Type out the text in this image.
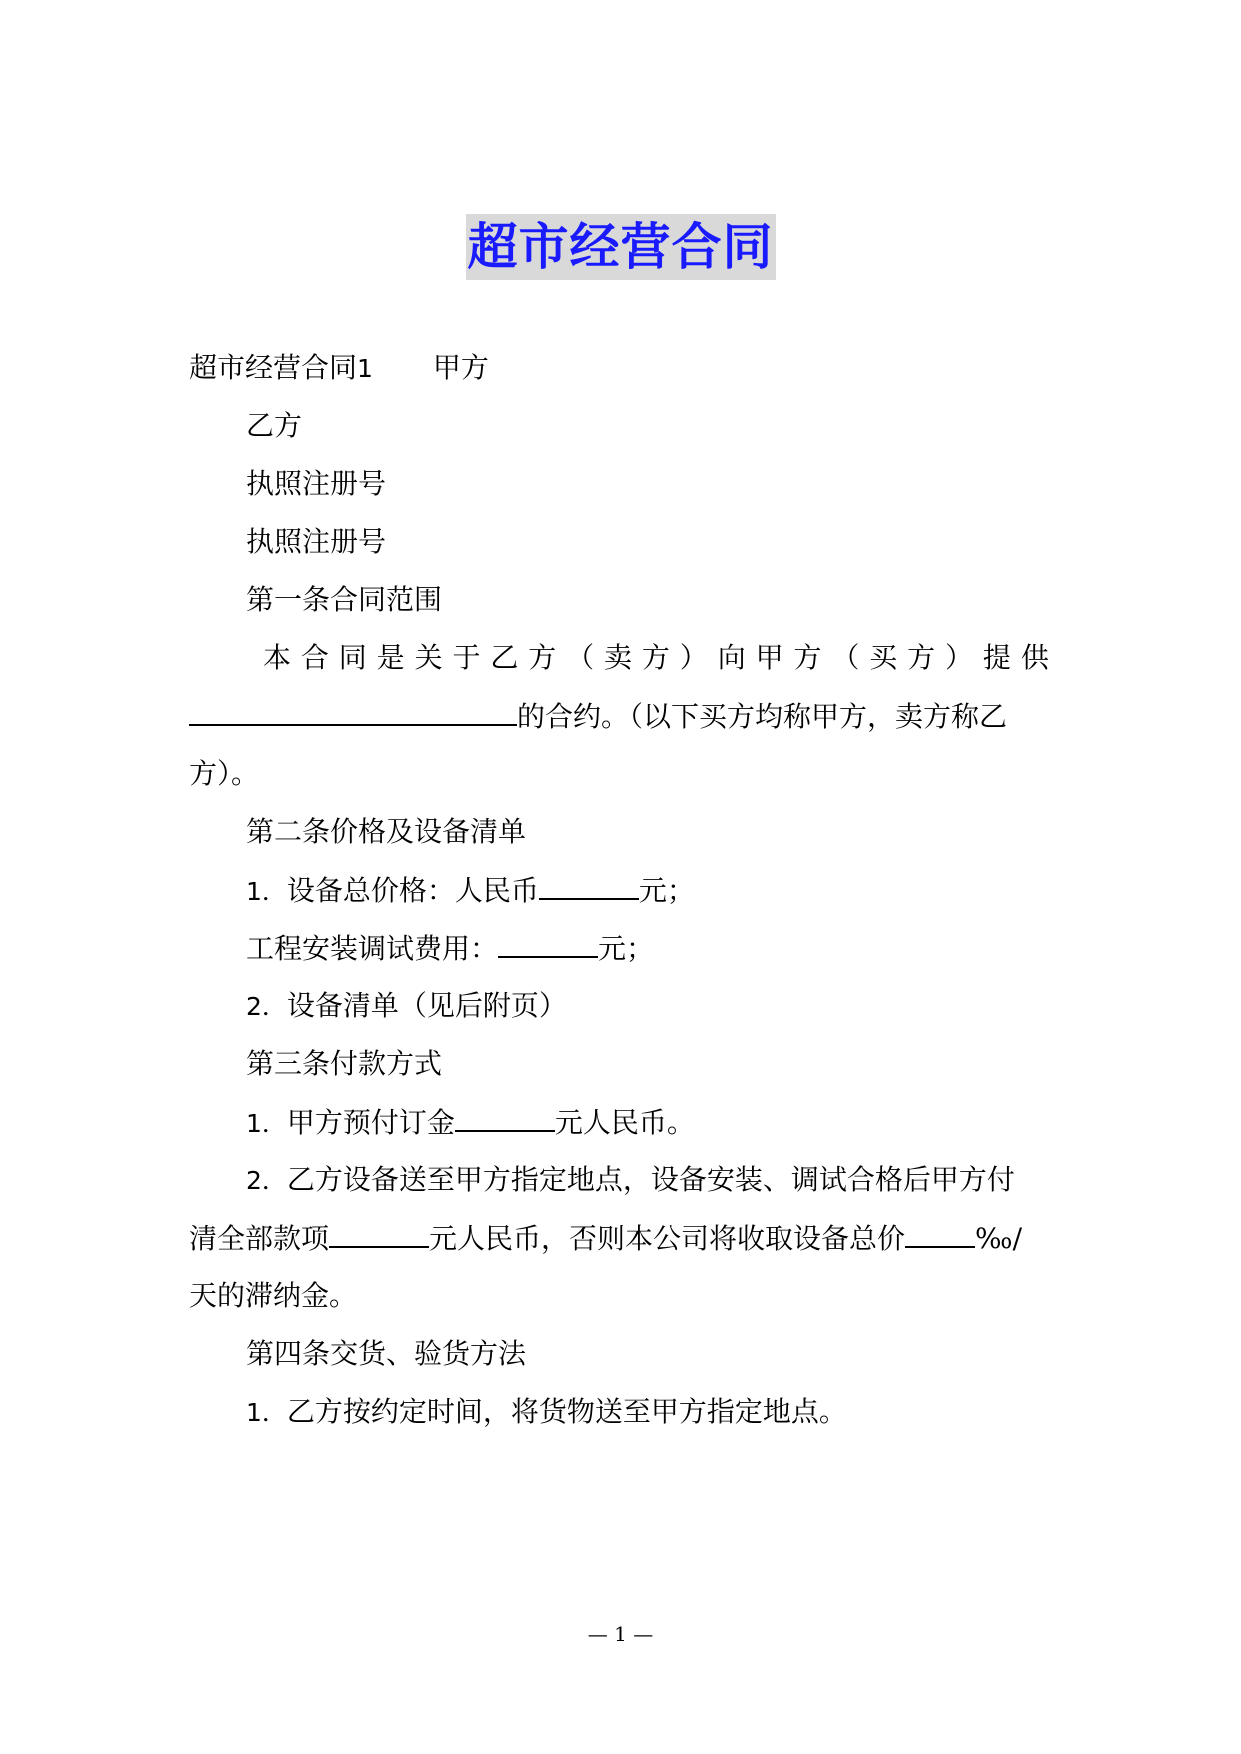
超市经营合同
超市经营合同1 甲方
乙方
执照注册号
执照注册号
第一条合同范围
本 合 同 是 关 于 乙 方 （ 卖 方 ） 向 甲 方 （ 买 方 ） 提 供
的合约。（以下买方均称甲方，卖方称乙
方）。
第二条价格及设备清单
1．设备总价格：人民币	元；
工程安装调试费用：	元；
2．设备清单（见后附页）
第三条付款方式
1．甲方预付订金	元人民币。
2．乙方设备送至甲方指定地点，设备安装、调试合格后甲方付
清全部款项	元人民币，否则本公司将收取设备总价	‰/
天的滞纳金。
第四条交货、验货方法
1．乙方按约定时间，将货物送至甲方指定地点。
— 1 —
